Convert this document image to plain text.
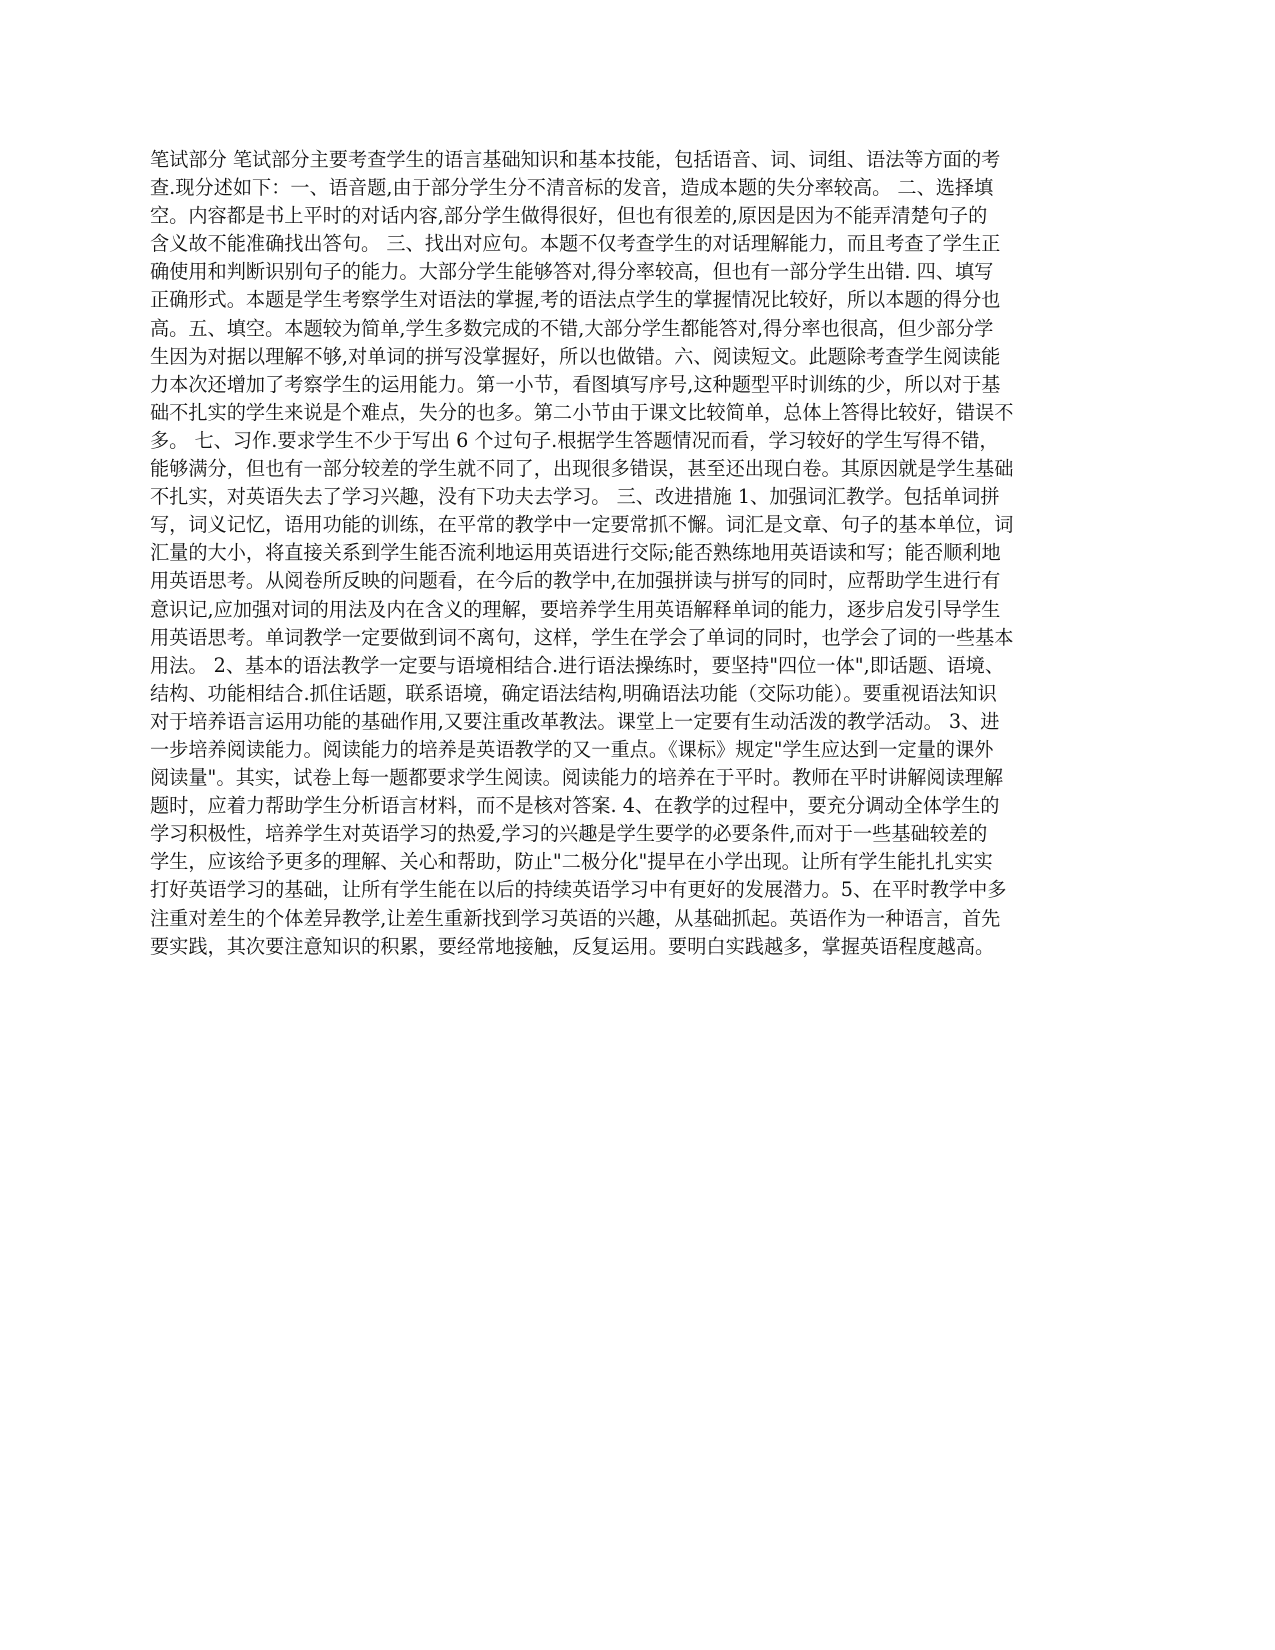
笔试部分 笔试部分主要考查学生的语言基础知识和基本技能，包括语音、词、词组、语法等方面的考
查.现分述如下：一、语音题,由于部分学生分不清音标的发音，造成本题的失分率较高。 二、选择填
空。内容都是书上平时的对话内容,部分学生做得很好，但也有很差的,原因是因为不能弄清楚句子的
含义故不能准确找出答句。 三、找出对应句。本题不仅考查学生的对话理解能力，而且考查了学生正
确使用和判断识别句子的能力。大部分学生能够答对,得分率较高，但也有一部分学生出错. 四、填写
正确形式。本题是学生考察学生对语法的掌握,考的语法点学生的掌握情况比较好，所以本题的得分也
高。五、填空。本题较为简单,学生多数完成的不错,大部分学生都能答对,得分率也很高，但少部分学
生因为对据以理解不够,对单词的拼写没掌握好，所以也做错。六、阅读短文。此题除考查学生阅读能
力本次还增加了考察学生的运用能力。第一小节，看图填写序号,这种题型平时训练的少，所以对于基
础不扎实的学生来说是个难点，失分的也多。第二小节由于课文比较简单，总体上答得比较好，错误不
多。 七、习作.要求学生不少于写出 6 个过句子.根据学生答题情况而看，学习较好的学生写得不错，
能够满分，但也有一部分较差的学生就不同了，出现很多错误，甚至还出现白卷。其原因就是学生基础
不扎实，对英语失去了学习兴趣，没有下功夫去学习。 三、改进措施 1、加强词汇教学。包括单词拼
写，词义记忆，语用功能的训练，在平常的教学中一定要常抓不懈。词汇是文章、句子的基本单位，词
汇量的大小，将直接关系到学生能否流利地运用英语进行交际;能否熟练地用英语读和写；能否顺利地
用英语思考。从阅卷所反映的问题看，在今后的教学中,在加强拼读与拼写的同时，应帮助学生进行有
意识记,应加强对词的用法及内在含义的理解，要培养学生用英语解释单词的能力，逐步启发引导学生
用英语思考。单词教学一定要做到词不离句，这样，学生在学会了单词的同时，也学会了词的一些基本
用法。 2、基本的语法教学一定要与语境相结合.进行语法操练时，要坚持"四位一体",即话题、语境、
结构、功能相结合.抓住话题，联系语境，确定语法结构,明确语法功能（交际功能）。要重视语法知识
对于培养语言运用功能的基础作用,又要注重改革教法。课堂上一定要有生动活泼的教学活动。 3、进
一步培养阅读能力。阅读能力的培养是英语教学的又一重点。《课标》规定"学生应达到一定量的课外
阅读量"。其实，试卷上每一题都要求学生阅读。阅读能力的培养在于平时。教师在平时讲解阅读理解
题时，应着力帮助学生分析语言材料，而不是核对答案. 4、在教学的过程中，要充分调动全体学生的
学习积极性，培养学生对英语学习的热爱,学习的兴趣是学生要学的必要条件,而对于一些基础较差的
学生，应该给予更多的理解、关心和帮助，防止"二极分化"提早在小学出现。让所有学生能扎扎实实
打好英语学习的基础，让所有学生能在以后的持续英语学习中有更好的发展潜力。5、在平时教学中多
注重对差生的个体差异教学,让差生重新找到学习英语的兴趣，从基础抓起。英语作为一种语言，首先
要实践，其次要注意知识的积累，要经常地接触，反复运用。要明白实践越多，掌握英语程度越高。
